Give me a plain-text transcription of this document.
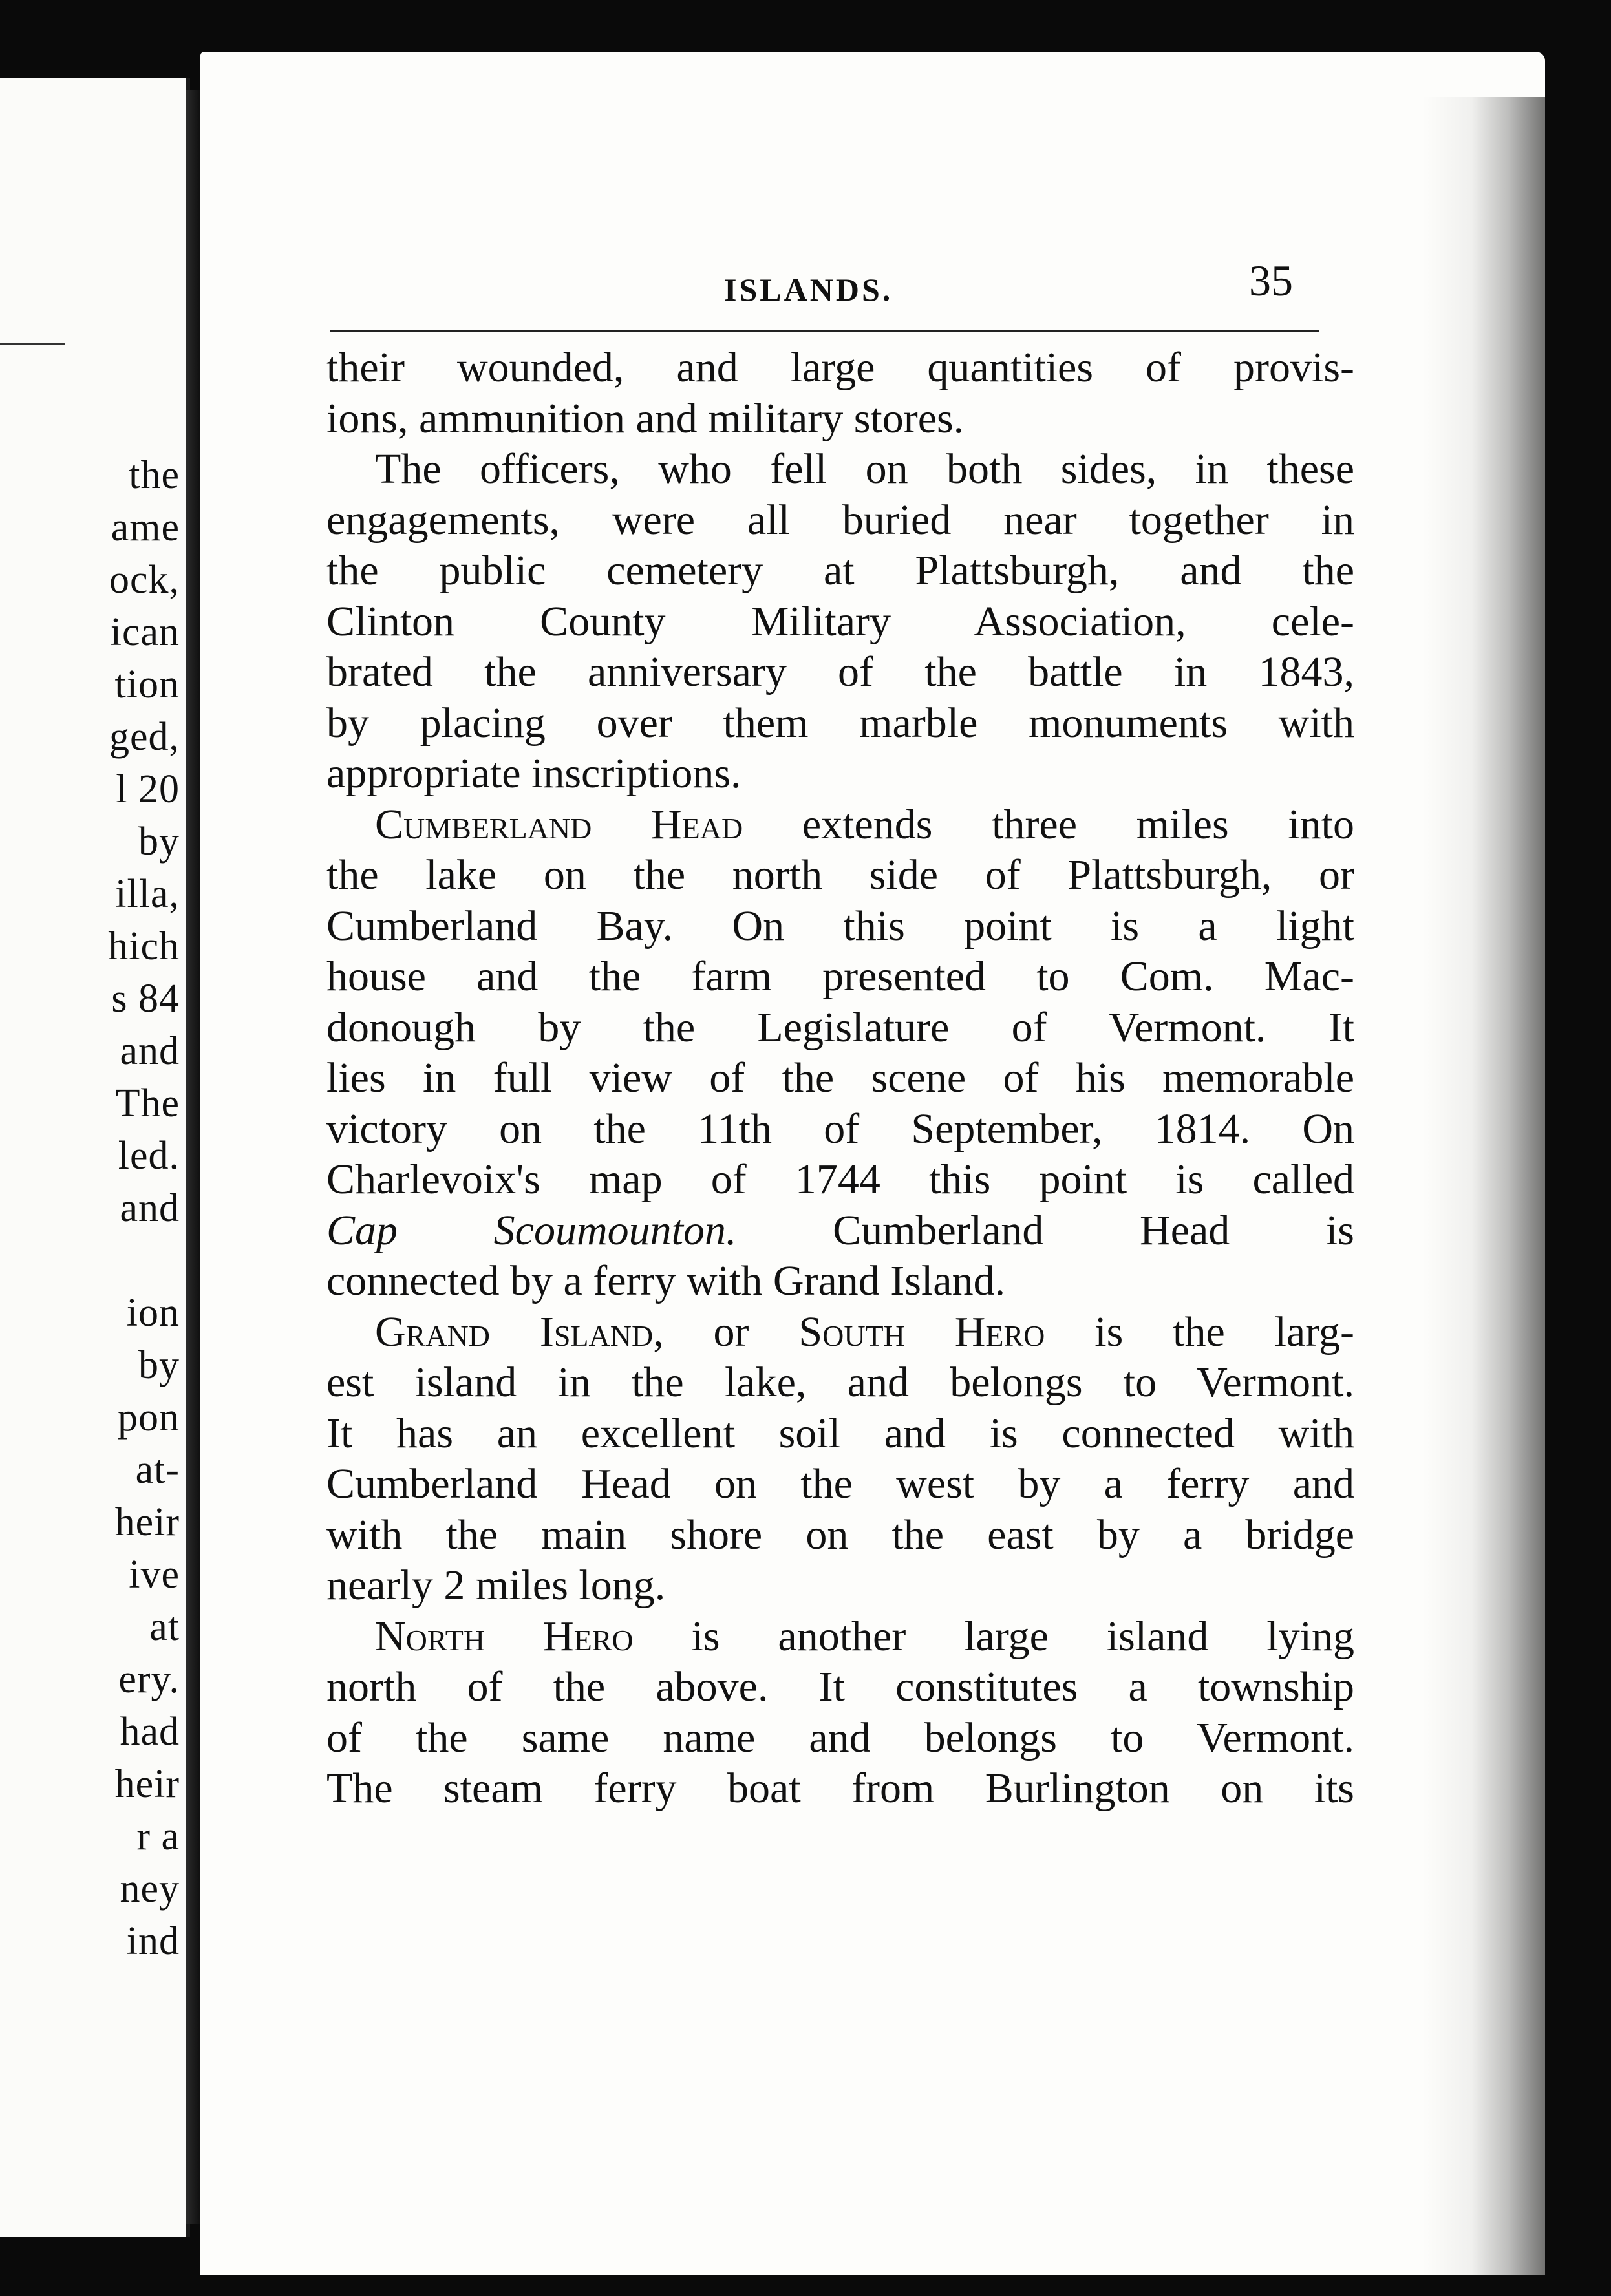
the
ame
ock,
ican
tion
ged,
l 20
by
illa,
hich
s 84
and
The
led.
and
ion
by
pon
at-
heir
ive
at
ery.
had
heir
r a
ney
ind
ISLANDS.	35
their wounded, and large quantities of provis-
ions, ammunition and military stores.
The officers, who fell on both sides, in these
engagements, were all buried near together in
the public cemetery at Plattsburgh, and the
Clinton County Military Association, cele-
brated the anniversary of the battle in 1843,
by placing over them marble monuments with
appropriate inscriptions.
Cumberland Head extends three miles into
the lake on the north side of Plattsburgh, or
Cumberland Bay. On this point is a light
house and the farm presented to Com. Mac-
donough by the Legislature of Vermont. It
lies in full view of the scene of his memorable
victory on the 11th of September, 1814. On
Charlevoix's map of 1744 this point is called
Cap Scoumounton. Cumberland Head is
connected by a ferry with Grand Island.
Grand Island, or South Hero is the larg-
est island in the lake, and belongs to Vermont.
It has an excellent soil and is connected with
Cumberland Head on the west by a ferry and
with the main shore on the east by a bridge
nearly 2 miles long.
North Hero is another large island lying
north of the above. It constitutes a township
of the same name and belongs to Vermont.
The steam ferry boat from Burlington on its
